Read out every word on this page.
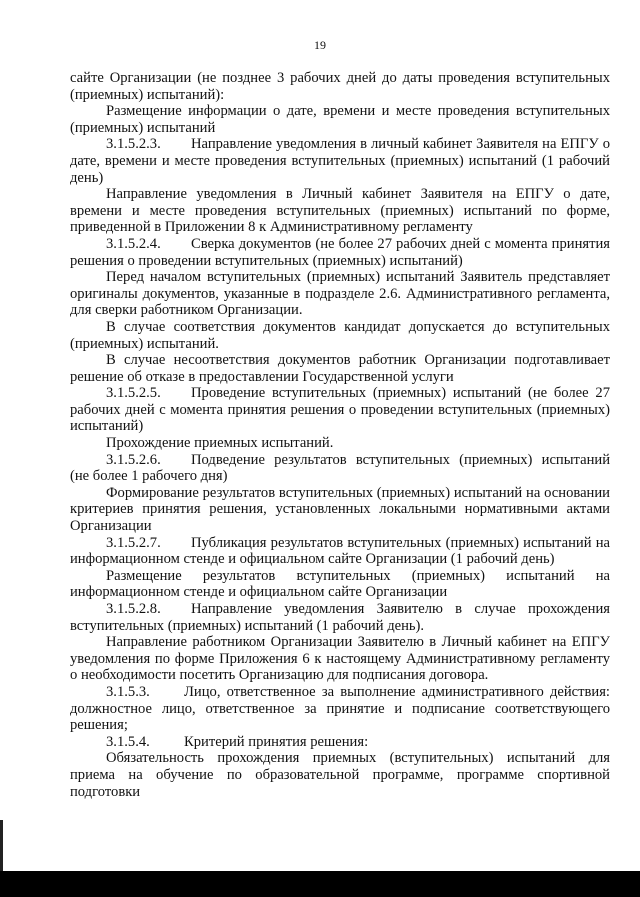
19

сайте Организации (не позднее 3 рабочих дней до даты проведения вступительных (приемных) испытаний):

Размещение информации о дате, времени и месте проведения вступительных (приемных) испытаний

3.1.5.2.3. Направление уведомления в личный кабинет Заявителя на ЕПГУ о дате, времени и месте проведения вступительных (приемных) испытаний (1 рабочий день)

Направление уведомления в Личный кабинет Заявителя на ЕПГУ о дате, времени и месте проведения вступительных (приемных) испытаний по форме, приведенной в Приложении 8 к Административному регламенту

3.1.5.2.4. Сверка документов (не более 27 рабочих дней с момента принятия решения о проведении вступительных (приемных) испытаний)

Перед началом вступительных (приемных) испытаний Заявитель представляет оригиналы документов, указанные в подразделе 2.6. Административного регламента, для сверки работником Организации.

В случае соответствия документов кандидат допускается до вступительных (приемных) испытаний.

В случае несоответствия документов работник Организации подготавливает решение об отказе в предоставлении Государственной услуги

3.1.5.2.5. Проведение вступительных (приемных) испытаний (не более 27 рабочих дней с момента принятия решения о проведении вступительных (приемных) испытаний)

Прохождение приемных испытаний.

3.1.5.2.6. Подведение результатов вступительных (приемных) испытаний (не более 1 рабочего дня)

Формирование результатов вступительных (приемных) испытаний на основании критериев принятия решения, установленных локальными нормативными актами Организации

3.1.5.2.7. Публикация результатов вступительных (приемных) испытаний на информационном стенде и официальном сайте Организации (1 рабочий день)

Размещение результатов вступительных (приемных) испытаний на информационном стенде и официальном сайте Организации

3.1.5.2.8. Направление уведомления Заявителю в случае прохождения вступительных (приемных) испытаний (1 рабочий день).

Направление работником Организации Заявителю в Личный кабинет на ЕПГУ уведомления по форме Приложения 6 к настоящему Административному регламенту о необходимости посетить Организацию для подписания договора.

3.1.5.3. Лицо, ответственное за выполнение административного действия: должностное лицо, ответственное за принятие и подписание соответствующего решения;

3.1.5.4. Критерий принятия решения:

Обязательность прохождения приемных (вступительных) испытаний для приема на обучение по образовательной программе, программе спортивной подготовки
